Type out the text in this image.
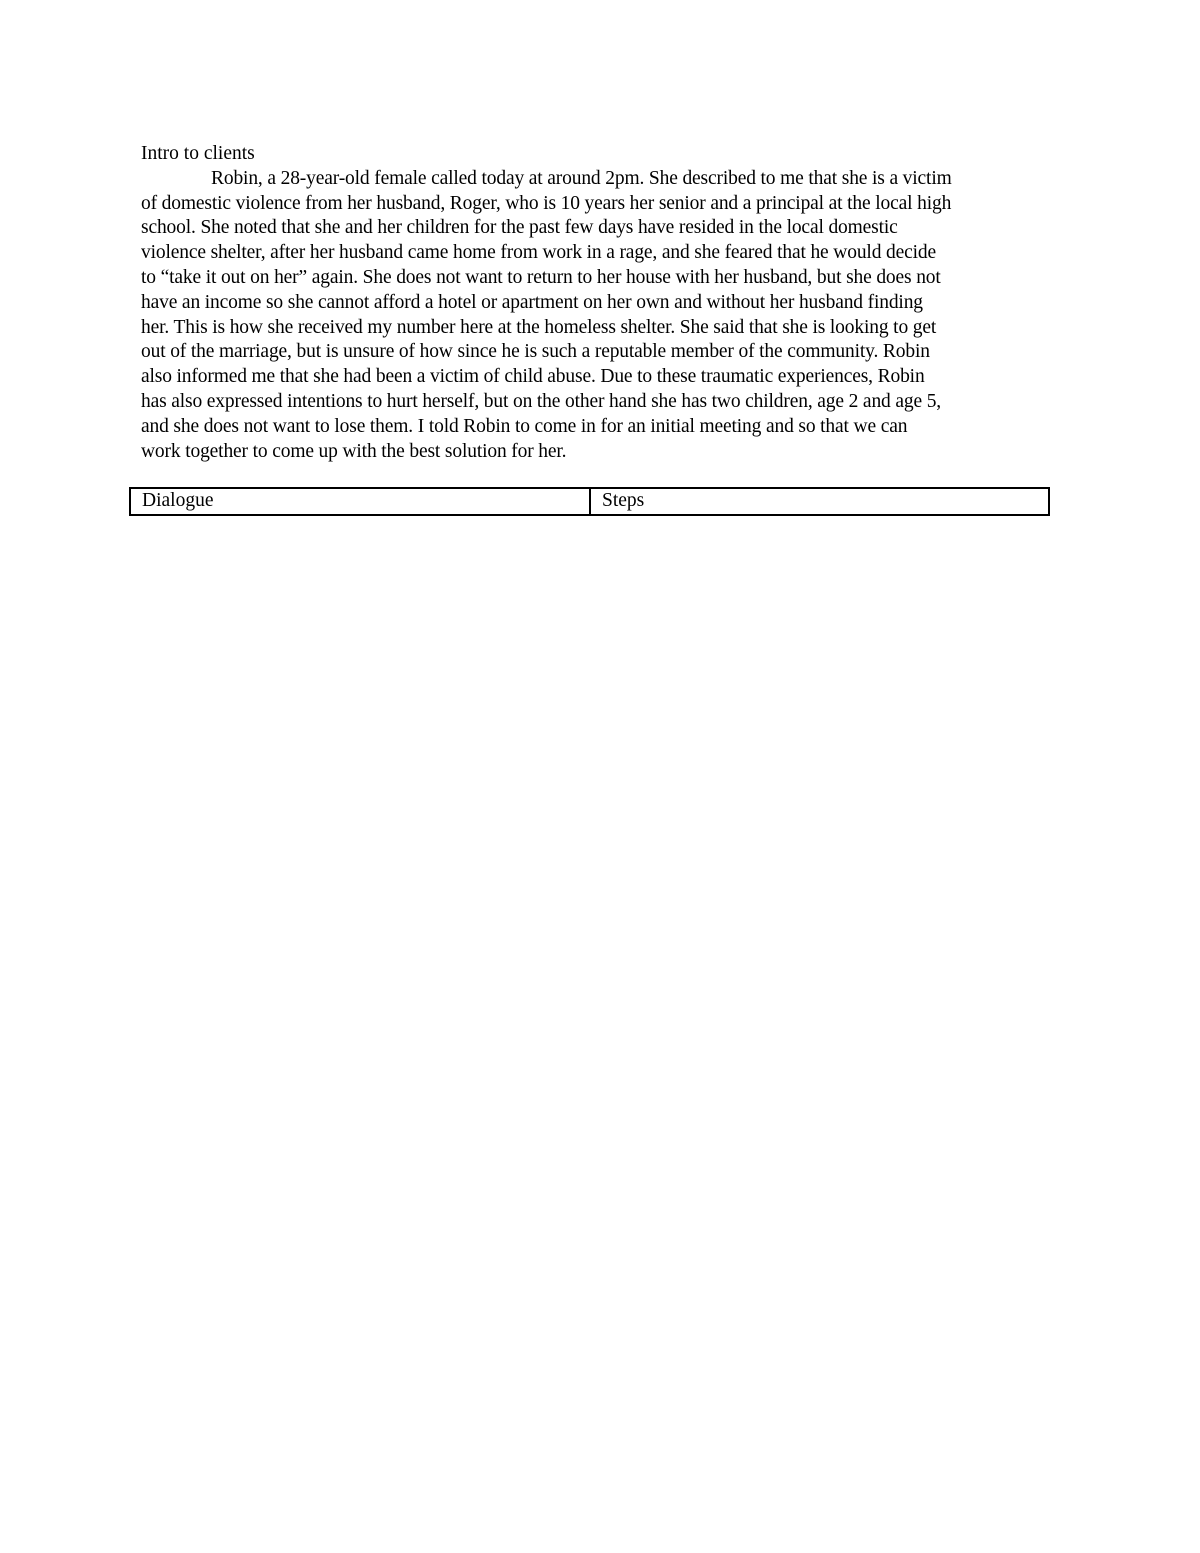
Intro to clients

Robin, a 28-year-old female called today at around 2pm. She described to me that she is a victim

of domestic violence from her husband, Roger, who is 10 years her senior and a principal at the local high

school. She noted that she and her children for the past few days have resided in the local domestic

violence shelter, after her husband came home from work in a rage, and she feared that he would decide

to “take it out on her” again. She does not want to return to her house with her husband, but she does not

have an income so she cannot afford a hotel or apartment on her own and without her husband finding

her. This is how she received my number here at the homeless shelter. She said that she is looking to get

out of the marriage, but is unsure of how since he is such a reputable member of the community. Robin

also informed me that she had been a victim of child abuse. Due to these traumatic experiences, Robin

has also expressed intentions to hurt herself, but on the other hand she has two children, age 2 and age 5,

and she does not want to lose them. I told Robin to come in for an initial meeting and so that we can

work together to come up with the best solution for her.

Dialogue	Steps
